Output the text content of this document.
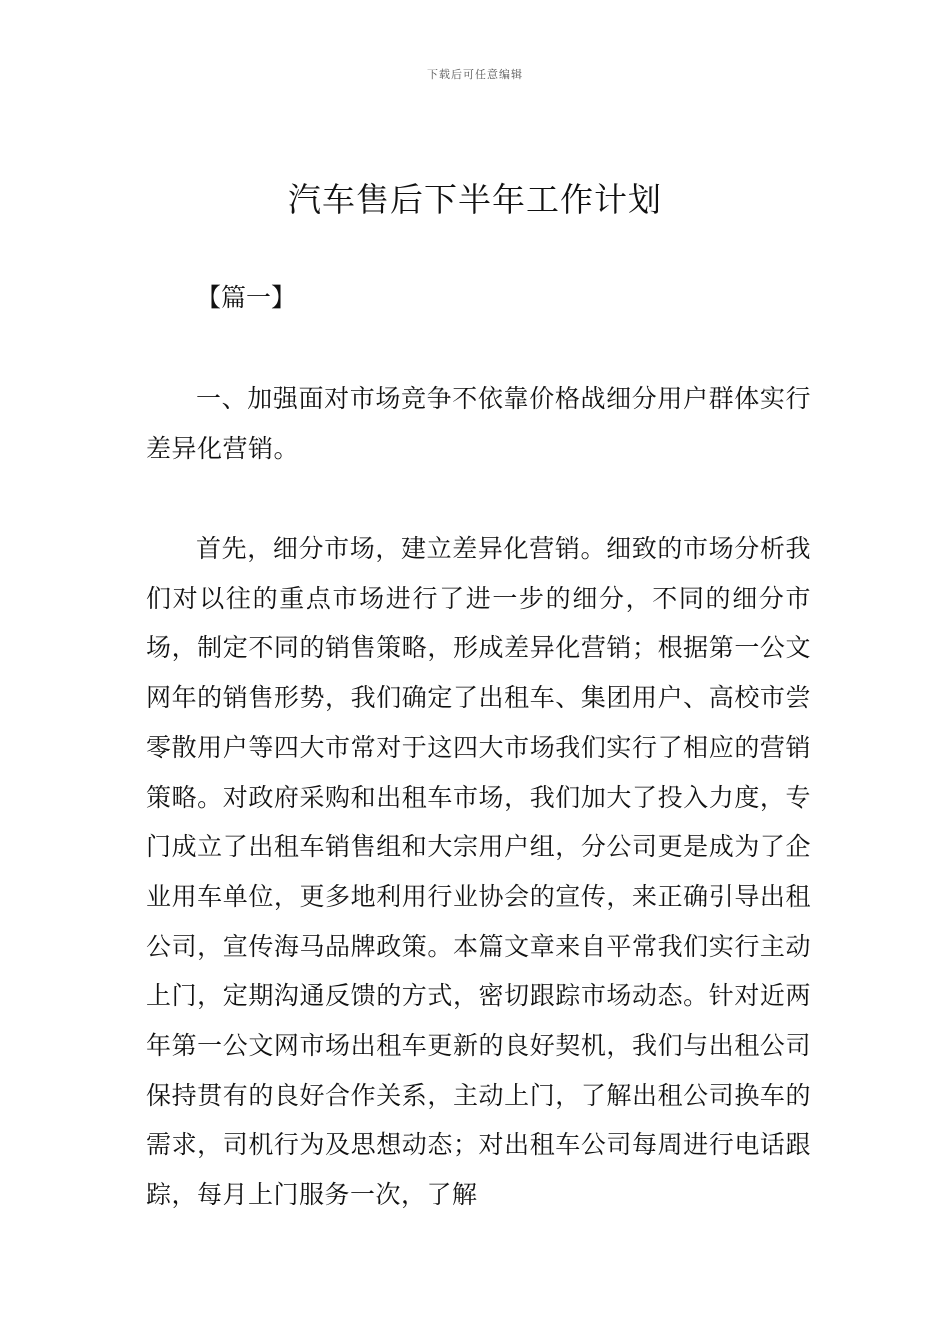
下载后可任意编辑
汽车售后下半年工作计划
【篇一】

一、加强面对市场竞争不依靠价格战细分用户群体实行差异化营销。

首先，细分市场，建立差异化营销。细致的市场分析我们对以往的重点市场进行了进一步的细分，不同的细分市场，制定不同的销售策略，形成差异化营销；根据第一公文网年的销售形势，我们确定了出租车、集团用户、高校市尝零散用户等四大市常对于这四大市场我们实行了相应的营销策略。对政府采购和出租车市场，我们加大了投入力度，专门成立了出租车销售组和大宗用户组，分公司更是成为了企业用车单位，更多地利用行业协会的宣传，来正确引导出租公司，宣传海马品牌政策。本篇文章来自平常我们实行主动上门，定期沟通反馈的方式，密切跟踪市场动态。针对近两年第一公文网市场出租车更新的良好契机，我们与出租公司保持贯有的良好合作关系，主动上门，了解出租公司换车的需求，司机行为及思想动态；对出租车公司每周进行电话跟踪，每月上门服务一次，了解
